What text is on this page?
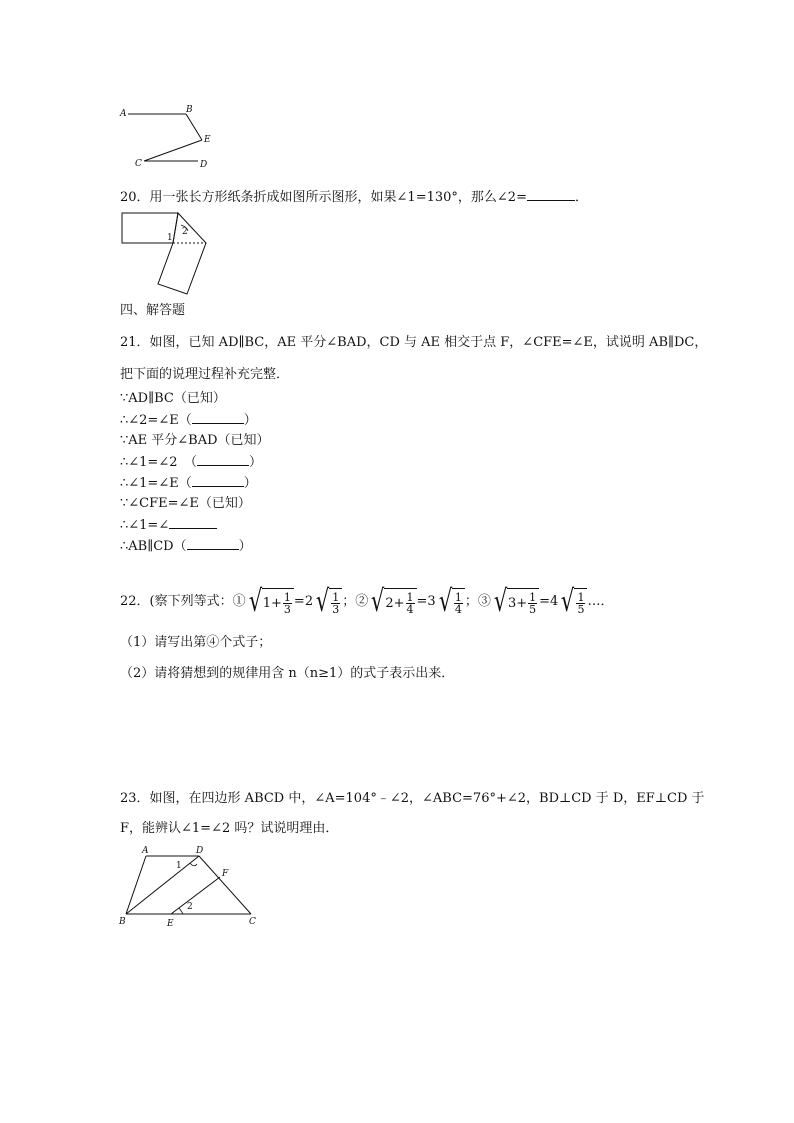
A	B
E
C	D
20．用一张长方形纸条折成如图所示图形，如果∠1=130°，那么∠2=	．
1
2
四、解答题
21．如图，已知 AD∥BC，AE 平分∠BAD，CD 与 AE 相交于点 F，∠CFE=∠E，试说明 AB∥DC，
把下面的说理过程补充完整．
∵AD∥BC（已知）
∴∠2=∠E（	）
∵AE 平分∠BAD（已知）
∴∠1=∠2　（	）
∴∠1=∠E（	）
∵∠CFE=∠E（已知）
∴∠1=∠
∴AB∥CD（	）
22．(察下列等式：① √ $1+ \frac{1}{3} =2$ √ $\frac{1}{3}$ ；② √ $2+ \frac{1}{4} =3$ √ $\frac{1}{4}$ ；③ √ $3+ \frac{1}{5} =4$ √ $\frac{1}{5}$ …．
（1）请写出第④个式子；
（2）请将猜想到的规律用含 n（n≥1）的式子表示出来．
23．如图，在四边形 ABCD 中，∠A=104°﹣∠2，∠ABC=76°+∠2，BD⊥CD 于 D，EF⊥CD 于
F，能辨认∠1=∠2 吗？试说明理由．
A	D
1
F
2
B	E	C
